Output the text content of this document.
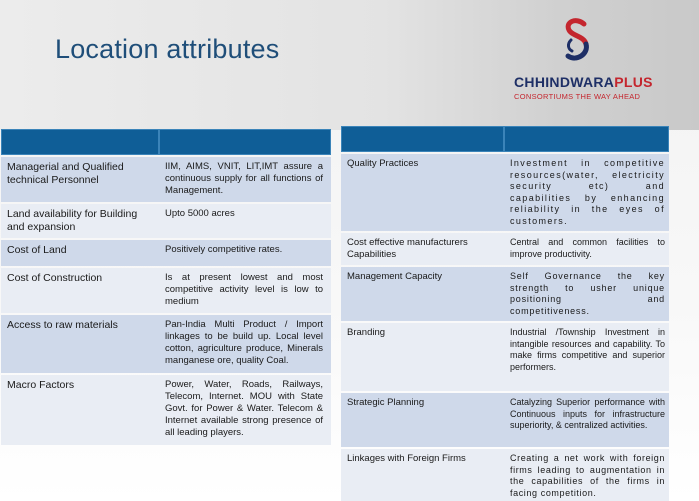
Location attributes
CHHINDWARAPLUS
CONSORTIUMS THE WAY AHEAD

Managerial and Qualified technical Personnel	IIM, AIMS, VNIT, LIT,IMT assure a continuous supply for all functions of Management.
Land availability for Building and expansion	Upto 5000 acres
Cost of Land	Positively competitive rates.
Cost of Construction	Is at present lowest and most competitive activity level is low to medium
Access to raw materials	Pan-India Multi Product / Import linkages to be build up. Local level cotton, agriculture produce, Minerals manganese ore, quality Coal.
Macro Factors	Power, Water, Roads, Railways, Telecom, Internet. MOU with State Govt. for Power & Water. Telecom & Internet available strong presence of all leading players.

Quality Practices	Investment in competitive resources(water, electricity security etc) and capabilities by enhancing reliability in the eyes of customers.
Cost effective manufacturers Capabilities	Central and common facilities to improve productivity.
Management Capacity	Self Governance the key strength to usher unique positioning and competitiveness.
Branding	Industrial /Township Investment in intangible resources and capability. To make firms competitive and superior performers.
Strategic Planning	Catalyzing Superior performance with Continuous inputs for infrastructure superiority, & centralized activities.
Linkages with Foreign Firms	Creating a net work with foreign firms leading to augmentation in the capabilities of the firms in facing competition.
